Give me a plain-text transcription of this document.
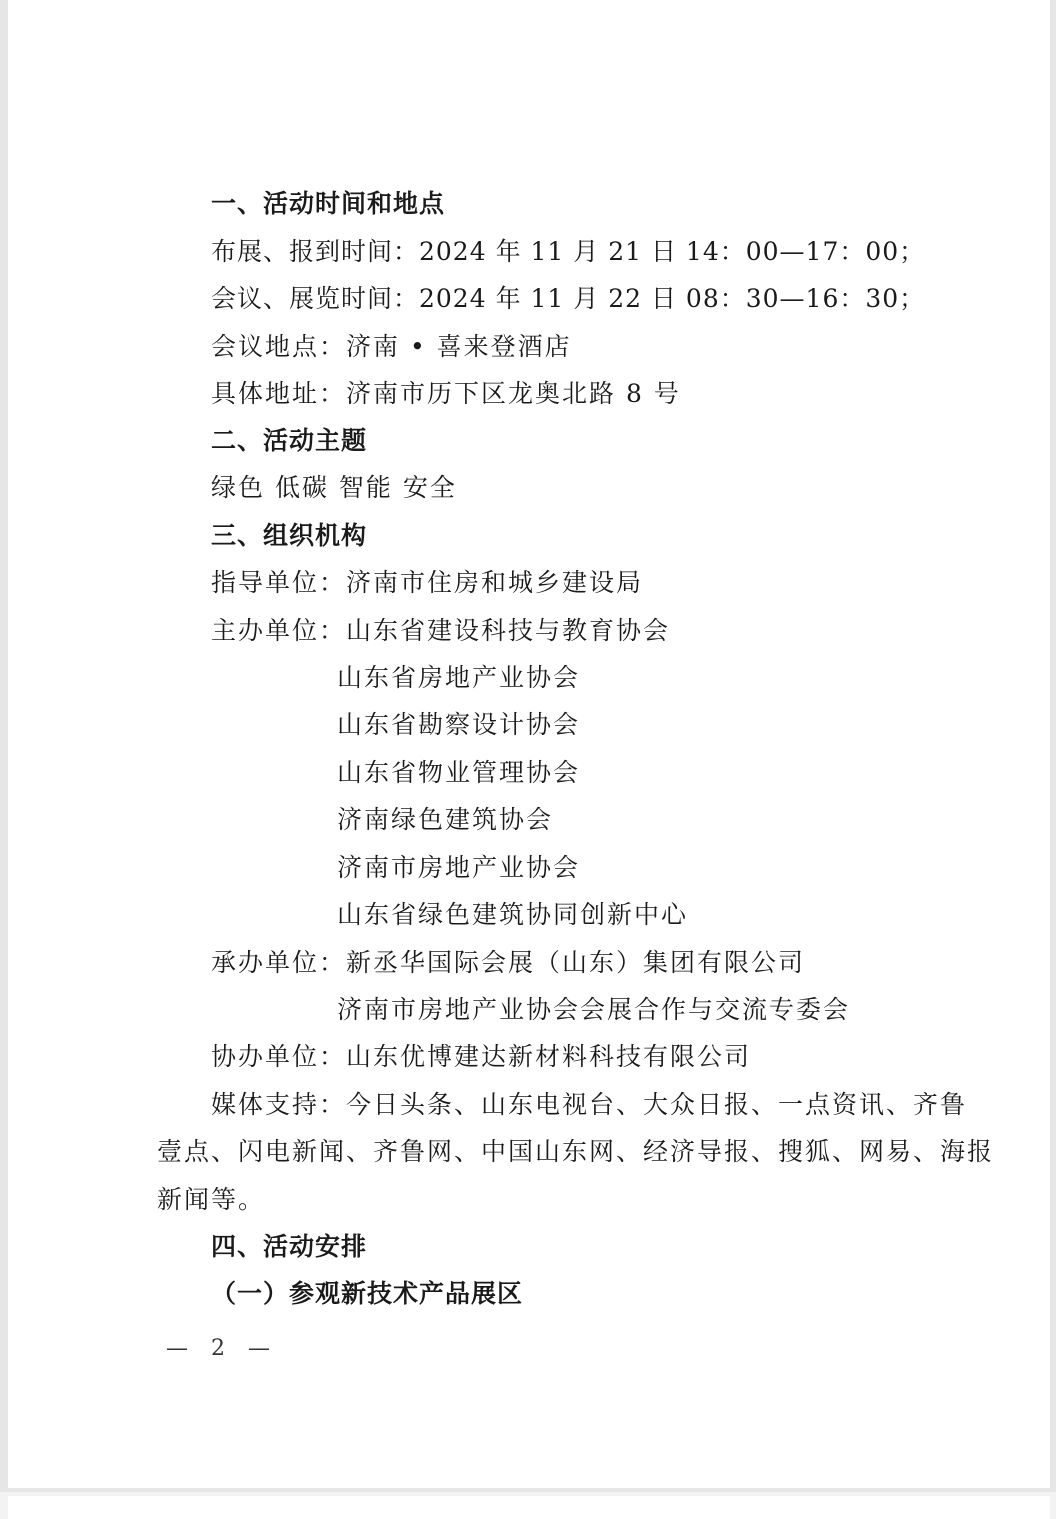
一、活动时间和地点
布展、报到时间：2024 年 11 月 21 日 14：00—17：00；
会议、展览时间：2024 年 11 月 22 日 08：30—16：30；
会议地点：济南 • 喜来登酒店
具体地址：济南市历下区龙奥北路 8 号
二、活动主题
绿色 低碳 智能 安全
三、组织机构
指导单位：济南市住房和城乡建设局
主办单位：山东省建设科技与教育协会
山东省房地产业协会
山东省勘察设计协会
山东省物业管理协会
济南绿色建筑协会
济南市房地产业协会
山东省绿色建筑协同创新中心
承办单位：新丞华国际会展（山东）集团有限公司
济南市房地产业协会会展合作与交流专委会
协办单位：山东优博建达新材料科技有限公司
媒体支持：今日头条、山东电视台、大众日报、一点资讯、齐鲁
壹点、闪电新闻、齐鲁网、中国山东网、经济导报、搜狐、网易、海报
新闻等。
四、活动安排
（一）参观新技术产品展区
— 2 —
